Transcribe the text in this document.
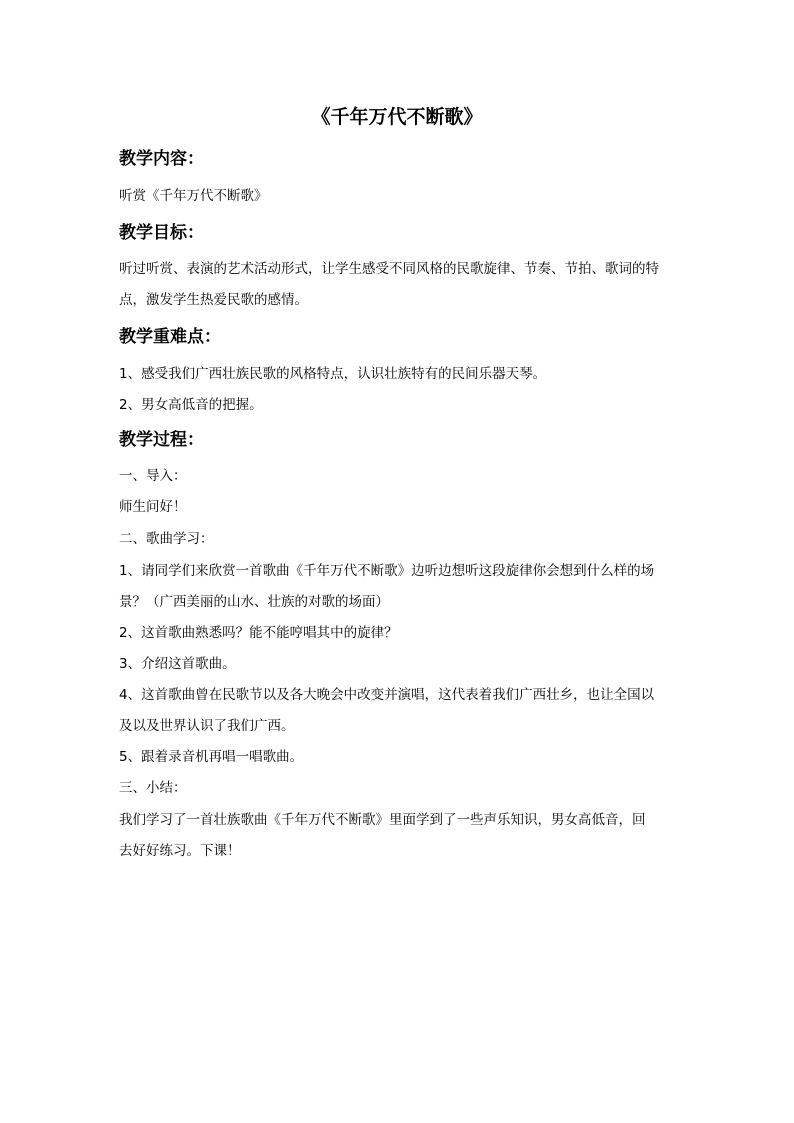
《千年万代不断歌》
教学内容：
听赏《千年万代不断歌》
教学目标：
听过听赏、表演的艺术活动形式，让学生感受不同风格的民歌旋律、节奏、节拍、歌词的特
点，激发学生热爱民歌的感情。
教学重难点：
1、感受我们广西壮族民歌的风格特点，认识壮族特有的民间乐器天琴。
2、男女高低音的把握。
教学过程：
一、导入：
师生问好！
二、歌曲学习：
1、请同学们来欣赏一首歌曲《千年万代不断歌》边听边想听这段旋律你会想到什么样的场
景？（广西美丽的山水、壮族的对歌的场面）
2、这首歌曲熟悉吗？能不能哼唱其中的旋律？
3、介绍这首歌曲。
4、这首歌曲曾在民歌节以及各大晚会中改变并演唱，这代表着我们广西壮乡，也让全国以
及以及世界认识了我们广西。
5、跟着录音机再唱一唱歌曲。
三、小结：
我们学习了一首壮族歌曲《千年万代不断歌》里面学到了一些声乐知识，男女高低音，回
去好好练习。下课！
